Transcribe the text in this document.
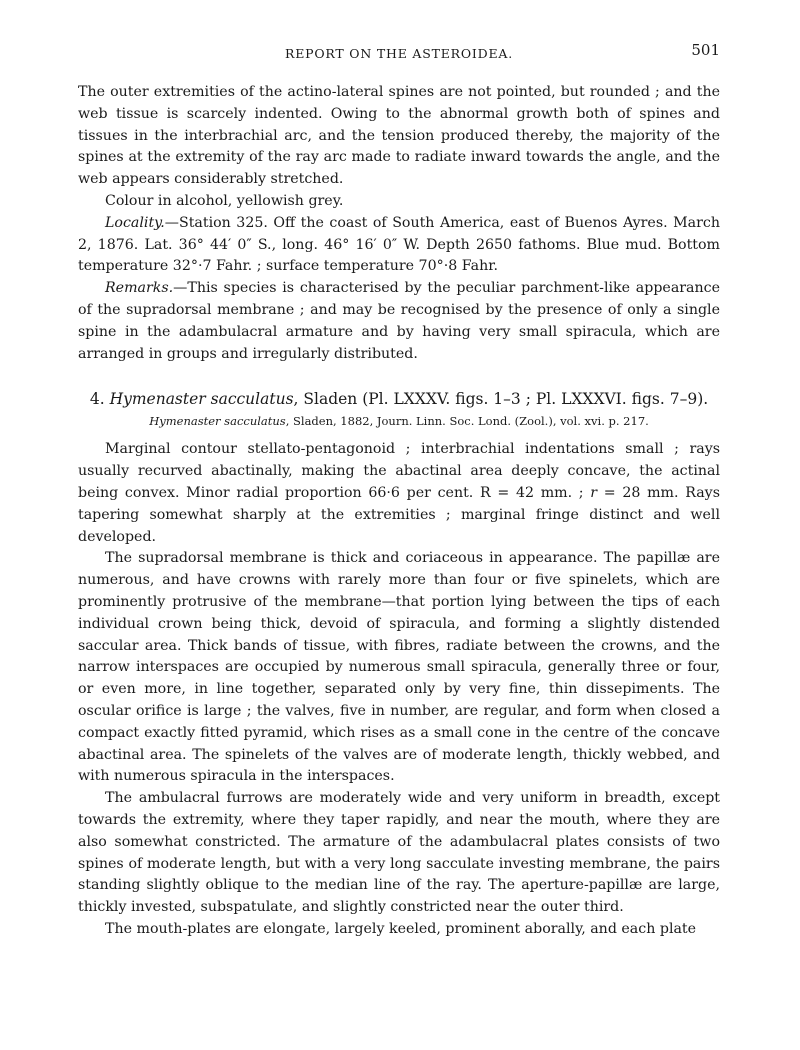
REPORT ON THE ASTEROIDEA.	501

The outer extremities of the actino-lateral spines are not pointed, but rounded ; and the web tissue is scarcely indented. Owing to the abnormal growth both of spines and tissues in the interbrachial arc, and the tension produced thereby, the majority of the spines at the extremity of the ray arc made to radiate inward towards the angle, and the web appears considerably stretched.

Colour in alcohol, yellowish grey.

Locality.—Station 325. Off the coast of South America, east of Buenos Ayres. March 2, 1876. Lat. 36° 44′ 0″ S., long. 46° 16′ 0″ W. Depth 2650 fathoms. Blue mud. Bottom temperature 32°·7 Fahr. ; surface temperature 70°·8 Fahr.

Remarks.—This species is characterised by the peculiar parchment-like appearance of the supradorsal membrane ; and may be recognised by the presence of only a single spine in the adambulacral armature and by having very small spiracula, which are arranged in groups and irregularly distributed.

4. Hymenaster sacculatus, Sladen (Pl. LXXXV. figs. 1–3 ; Pl. LXXXVI. figs. 7–9).

Hymenaster sacculatus, Sladen, 1882, Journ. Linn. Soc. Lond. (Zool.), vol. xvi. p. 217.

Marginal contour stellato-pentagonoid ; interbrachial indentations small ; rays usually recurved abactinally, making the abactinal area deeply concave, the actinal being convex. Minor radial proportion 66·6 per cent. R = 42 mm. ; r = 28 mm. Rays tapering somewhat sharply at the extremities ; marginal fringe distinct and well developed.

The supradorsal membrane is thick and coriaceous in appearance. The papillæ are numerous, and have crowns with rarely more than four or five spinelets, which are prominently protrusive of the membrane—that portion lying between the tips of each individual crown being thick, devoid of spiracula, and forming a slightly distended saccular area. Thick bands of tissue, with fibres, radiate between the crowns, and the narrow interspaces are occupied by numerous small spiracula, generally three or four, or even more, in line together, separated only by very fine, thin dissepiments. The oscular orifice is large ; the valves, five in number, are regular, and form when closed a compact exactly fitted pyramid, which rises as a small cone in the centre of the concave abactinal area. The spinelets of the valves are of moderate length, thickly webbed, and with numerous spiracula in the interspaces.

The ambulacral furrows are moderately wide and very uniform in breadth, except towards the extremity, where they taper rapidly, and near the mouth, where they are also somewhat constricted. The armature of the adambulacral plates consists of two spines of moderate length, but with a very long sacculate investing membrane, the pairs standing slightly oblique to the median line of the ray. The aperture-papillæ are large, thickly invested, subspatulate, and slightly constricted near the outer third.

The mouth-plates are elongate, largely keeled, prominent aborally, and each plate
